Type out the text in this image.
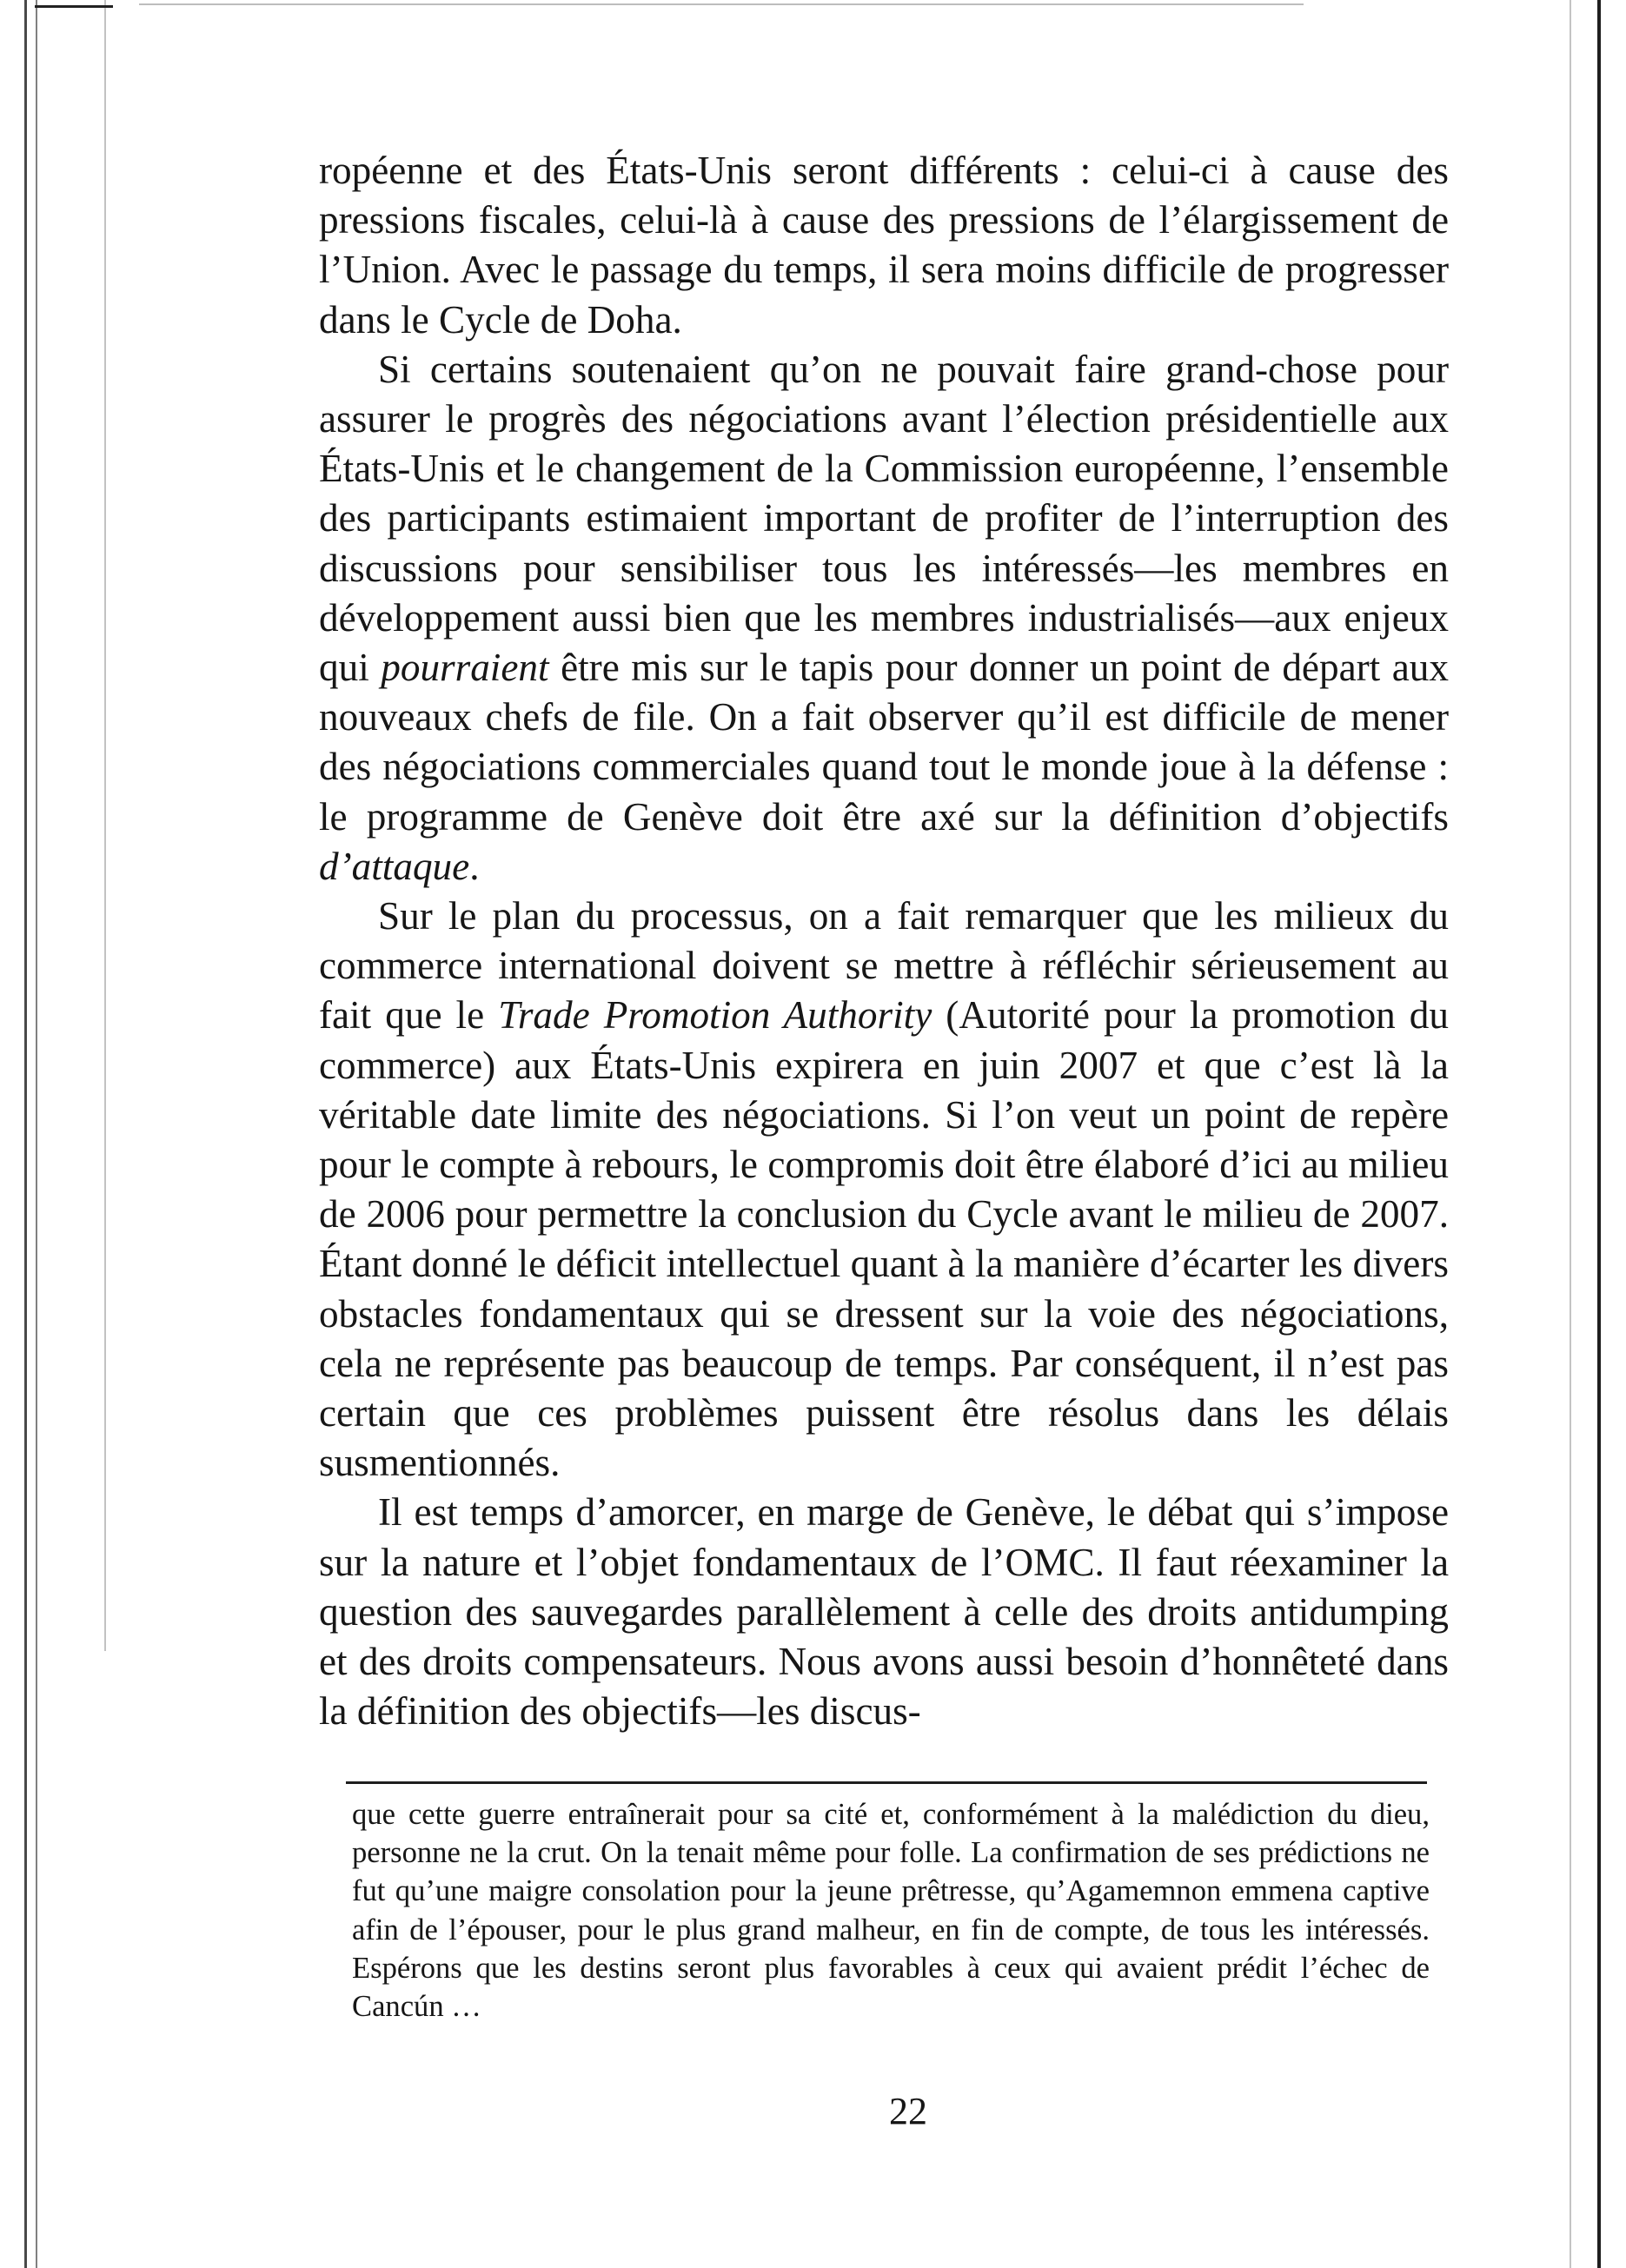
ropéenne et des États-Unis seront différents : celui-ci à cause des pressions fiscales, celui-là à cause des pressions de l’élargissement de l’Union. Avec le passage du temps, il sera moins difficile de progresser dans le Cycle de Doha.

Si certains soutenaient qu’on ne pouvait faire grand-chose pour assurer le progrès des négociations avant l’élection présidentielle aux États-Unis et le changement de la Commission européenne, l’ensemble des participants estimaient important de profiter de l’interruption des discussions pour sensibiliser tous les intéressés—les membres en développement aussi bien que les membres industrialisés—aux enjeux qui pourraient être mis sur le tapis pour donner un point de départ aux nouveaux chefs de file. On a fait observer qu’il est difficile de mener des négociations commerciales quand tout le monde joue à la défense : le programme de Genève doit être axé sur la définition d’objectifs d’attaque.

Sur le plan du processus, on a fait remarquer que les milieux du commerce international doivent se mettre à réfléchir sérieusement au fait que le Trade Promotion Authority (Autorité pour la promotion du commerce) aux États-Unis expirera en juin 2007 et que c’est là la véritable date limite des négociations. Si l’on veut un point de repère pour le compte à rebours, le compromis doit être élaboré d’ici au milieu de 2006 pour permettre la conclusion du Cycle avant le milieu de 2007. Étant donné le déficit intellectuel quant à la manière d’écarter les divers obstacles fondamentaux qui se dressent sur la voie des négociations, cela ne représente pas beaucoup de temps. Par conséquent, il n’est pas certain que ces problèmes puissent être résolus dans les délais susmentionnés.

Il est temps d’amorcer, en marge de Genève, le débat qui s’impose sur la nature et l’objet fondamentaux de l’OMC. Il faut réexaminer la question des sauvegardes parallèlement à celle des droits antidumping et des droits compensateurs. Nous avons aussi besoin d’honnêteté dans la définition des objectifs—les discus-

que cette guerre entraînerait pour sa cité et, conformément à la malédiction du dieu, personne ne la crut. On la tenait même pour folle. La confirmation de ses prédictions ne fut qu’une maigre consolation pour la jeune prêtresse, qu’Agamemnon emmena captive afin de l’épouser, pour le plus grand malheur, en fin de compte, de tous les intéressés. Espérons que les destins seront plus favorables à ceux qui avaient prédit l’échec de Cancún …

22
